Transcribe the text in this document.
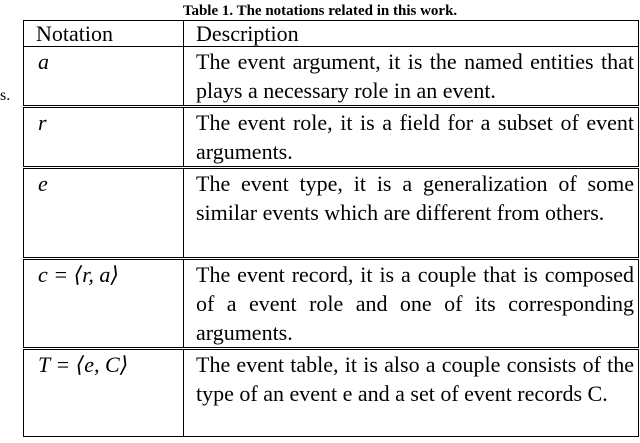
Table 1. The notations related in this work.
s.
Notation	Description
a	The event argument, it is the named entities that plays a necessary role in an event.
r	The event role, it is a field for a subset of event arguments.
e	The event type, it is a generalization of some similar events which are different from others.
c = ⟨r, a⟩	The event record, it is a couple that is composed of a event role and one of its corresponding arguments.
T = ⟨e, C⟩	The event table, it is also a couple consists of the type of an event e and a set of event records C.
